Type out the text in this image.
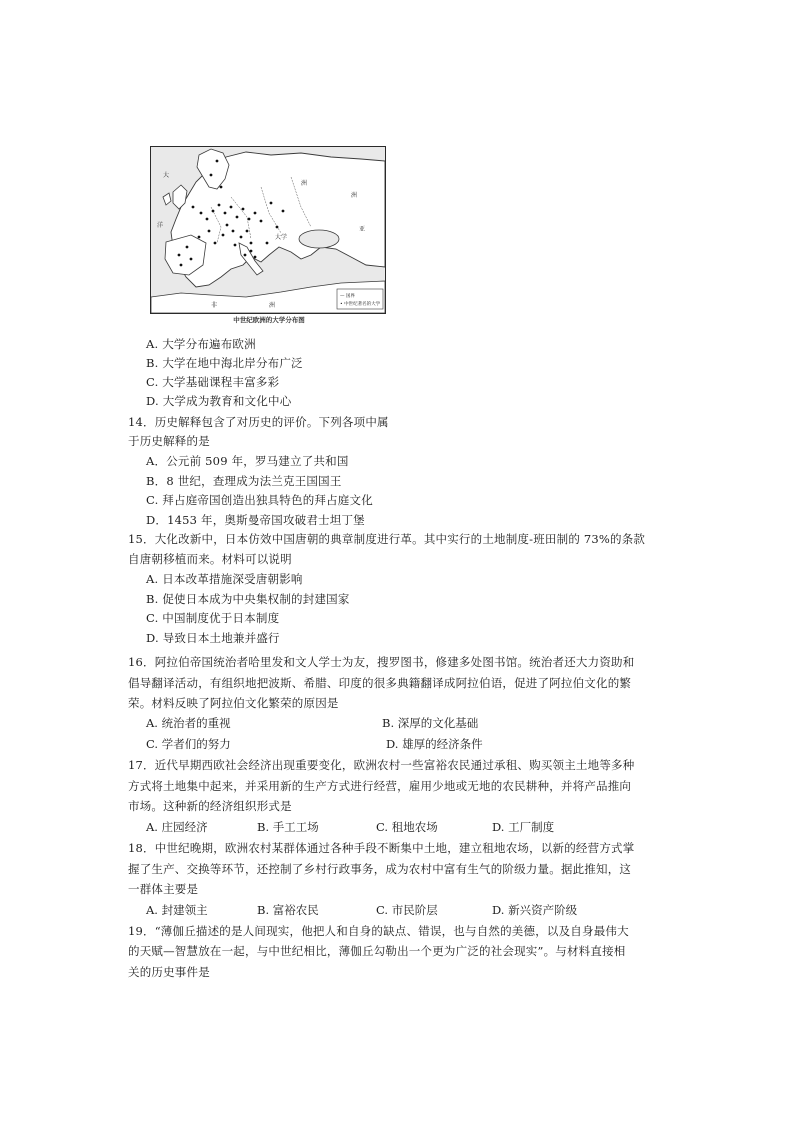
大
洋
洲
洲
亚
大学
非	洲
— 国界
• 中世纪著名的大学
中世纪欧洲的大学分布图
A. 大学分布遍布欧洲
B. 大学在地中海北岸分布广泛
C. 大学基础课程丰富多彩
D. 大学成为教育和文化中心
14．历史解释包含了对历史的评价。下列各项中属
于历史解释的是
A．公元前 509 年，罗马建立了共和国
B．8 世纪，查理成为法兰克王国国王
C. 拜占庭帝国创造出独具特色的拜占庭文化
D．1453 年，奥斯曼帝国攻破君士坦丁堡
15．大化改新中，日本仿效中国唐朝的典章制度进行革。其中实行的土地制度-班田制的 73%的条款
自唐朝移植而来。材料可以说明
A. 日本改革措施深受唐朝影响
B. 促使日本成为中央集权制的封建国家
C. 中国制度优于日本制度
D. 导致日本土地兼并盛行
16．阿拉伯帝国统治者哈里发和文人学士为友，搜罗图书，修建多处图书馆。统治者还大力资助和
倡导翻译活动，有组织地把波斯、希腊、印度的很多典籍翻译成阿拉伯语，促进了阿拉伯文化的繁
荣。材料反映了阿拉伯文化繁荣的原因是
A. 统治者的重视	B. 深厚的文化基础
C. 学者们的努力	D. 雄厚的经济条件
17．近代早期西欧社会经济出现重要变化，欧洲农村一些富裕农民通过承租、购买领主土地等多种
方式将土地集中起来，并采用新的生产方式进行经营，雇用少地或无地的农民耕种，并将产品推向
市场。这种新的经济组织形式是
A. 庄园经济	B. 手工工场	C. 租地农场	D. 工厂制度
18．中世纪晚期，欧洲农村某群体通过各种手段不断集中土地，建立租地农场，以新的经营方式掌
握了生产、交换等环节，还控制了乡村行政事务，成为农村中富有生气的阶级力量。据此推知，这
一群体主要是
A. 封建领主	B. 富裕农民	C. 市民阶层	D. 新兴资产阶级
19．“薄伽丘描述的是人间现实，他把人和自身的缺点、错误，也与自然的美德，以及自身最伟大
的天赋—智慧放在一起，与中世纪相比，薄伽丘勾勒出一个更为广泛的社会现实”。与材料直接相
关的历史事件是
